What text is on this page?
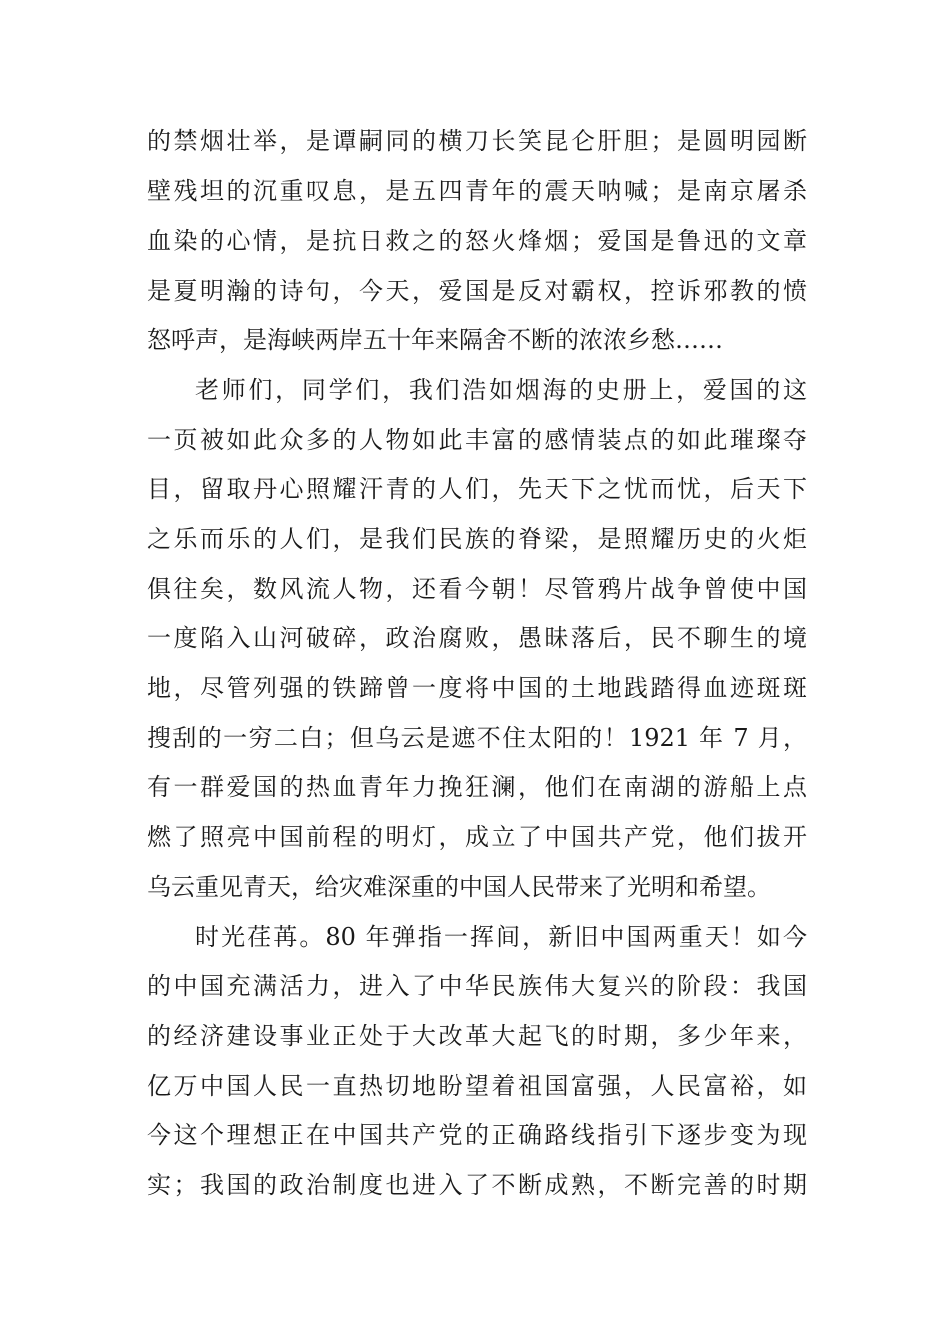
的禁烟壮举，是谭嗣同的横刀长笑昆仑肝胆；是圆明园断
壁残坦的沉重叹息，是五四青年的震天呐喊；是南京屠杀
血染的心情，是抗日救之的怒火烽烟；爱国是鲁迅的文章
是夏明瀚的诗句，今天，爱国是反对霸权，控诉邪教的愤
怒呼声，是海峡两岸五十年来隔舍不断的浓浓乡愁……
老师们，同学们，我们浩如烟海的史册上，爱国的这
一页被如此众多的人物如此丰富的感情装点的如此璀璨夺
目，留取丹心照耀汗青的人们，先天下之忧而忧，后天下
之乐而乐的人们，是我们民族的脊梁，是照耀历史的火炬
俱往矣，数风流人物，还看今朝！尽管鸦片战争曾使中国
一度陷入山河破碎，政治腐败，愚昧落后，民不聊生的境
地，尽管列强的铁蹄曾一度将中国的土地践踏得血迹斑斑
搜刮的一穷二白；但乌云是遮不住太阳的！1921 年 7 月，
有一群爱国的热血青年力挽狂澜，他们在南湖的游船上点
燃了照亮中国前程的明灯，成立了中国共产党，他们拔开
乌云重见青天，给灾难深重的中国人民带来了光明和希望。
时光荏苒。80 年弹指一挥间，新旧中国两重天！如今
的中国充满活力，进入了中华民族伟大复兴的阶段：我国
的经济建设事业正处于大改革大起飞的时期，多少年来，
亿万中国人民一直热切地盼望着祖国富强，人民富裕，如
今这个理想正在中国共产党的正确路线指引下逐步变为现
实；我国的政治制度也进入了不断成熟，不断完善的时期
